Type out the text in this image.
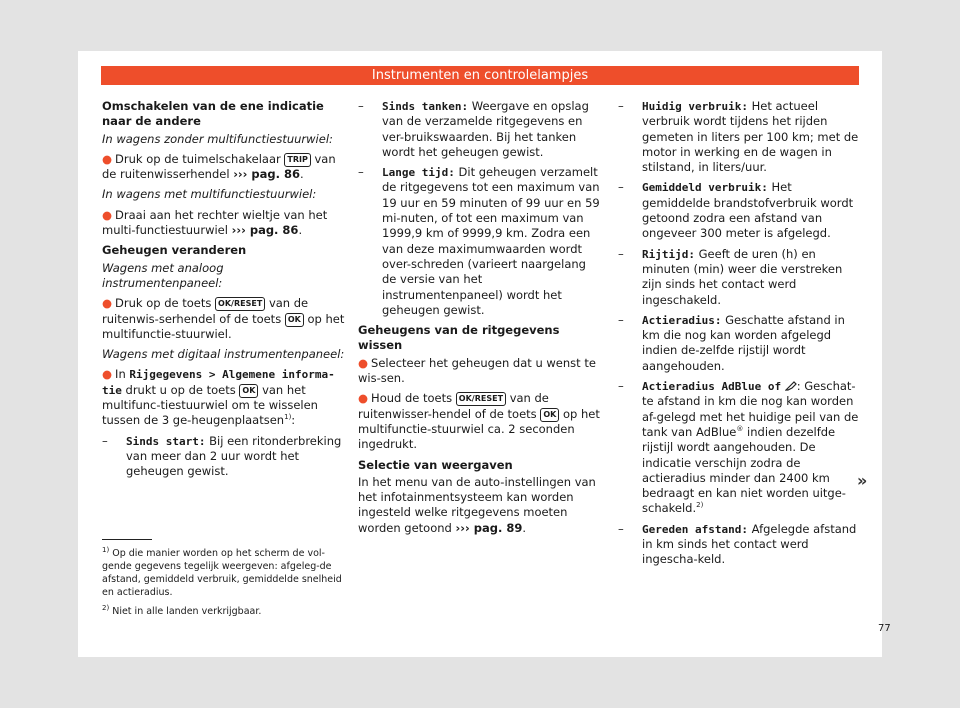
Instrumenten en controlelampjes

Omschakelen van de ene indicatie naar de andere

In wagens zonder multifunctiestuurwiel:

● Druk op de tuimelschakelaar TRIP van de ruitenwisserhendel ››› pag. 86.

In wagens met multifunctiestuurwiel:

● Draai aan het rechter wieltje van het multi-functiestuurwiel ››› pag. 86.

Geheugen veranderen

Wagens met analoog instrumentenpaneel:

● Druk op de toets OK/RESET van de ruitenwis-serhendel of de toets OK op het multifunctie-stuurwiel.

Wagens met digitaal instrumentenpaneel:

● In Rijgegevens > Algemene informa-tie drukt u op de toets OK van het multifunc-tiestuurwiel om te wisselen tussen de 3 ge-heugenplaatsen$^{1)}$:

–	Sinds start: Bij een ritonderbreking van meer dan 2 uur wordt het geheugen gewist.
–	Sinds tanken: Weergave en opslag van de verzamelde ritgegevens en ver-bruikswaarden. Bij het tanken wordt het geheugen gewist.
–	Lange tijd: Dit geheugen verzamelt de ritgegevens tot een maximum van 19 uur en 59 minuten of 99 uur en 59 mi-nuten, of tot een maximum van 1999,9 km of 9999,9 km. Zodra een van deze maximumwaarden wordt over-schreden (varieert naargelang de versie van het instrumentenpaneel) wordt het geheugen gewist.

Geheugens van de ritgegevens wissen

● Selecteer het geheugen dat u wenst te wis-sen.

● Houd de toets OK/RESET van de ruitenwisser-hendel of de toets OK op het multifunctie-stuurwiel ca. 2 seconden ingedrukt.

Selectie van weergaven

In het menu van de auto-instellingen van het infotainmentsysteem kan worden ingesteld welke ritgegevens moeten worden getoond ››› pag. 89.

–	Huidig verbruik: Het actueel verbruik wordt tijdens het rijden gemeten in liters per 100 km; met de motor in werking en de wagen in stilstand, in liters/uur.
–	Gemiddeld verbruik: Het gemiddelde brandstofverbruik wordt getoond zodra een afstand van ongeveer 300 meter is afgelegd.
–	Rijtijd: Geeft de uren (h) en minuten (min) weer die verstreken zijn sinds het contact werd ingeschakeld.
–	Actieradius: Geschatte afstand in km die nog kan worden afgelegd indien de-zelfde rijstijl wordt aangehouden.
–	Actieradius AdBlue of : Geschat-te afstand in km die nog kan worden af-gelegd met het huidige peil van de tank van AdBlue® indien dezelfde rijstijl wordt aangehouden. De indicatie verschijn zodra de actieradius minder dan 2400 km bedraagt en kan niet worden uitge-schakeld.$^{2)}$
–	Gereden afstand: Afgelegde afstand in km sinds het contact werd ingescha-keld.
$^{1)}$ Op die manier worden op het scherm de vol-gende gegevens tegelijk weergeven: afgeleg-de afstand, gemiddeld verbruik, gemiddelde snelheid en actieradius.
$^{2)}$ Niet in alle landen verkrijgbaar.
»
77
